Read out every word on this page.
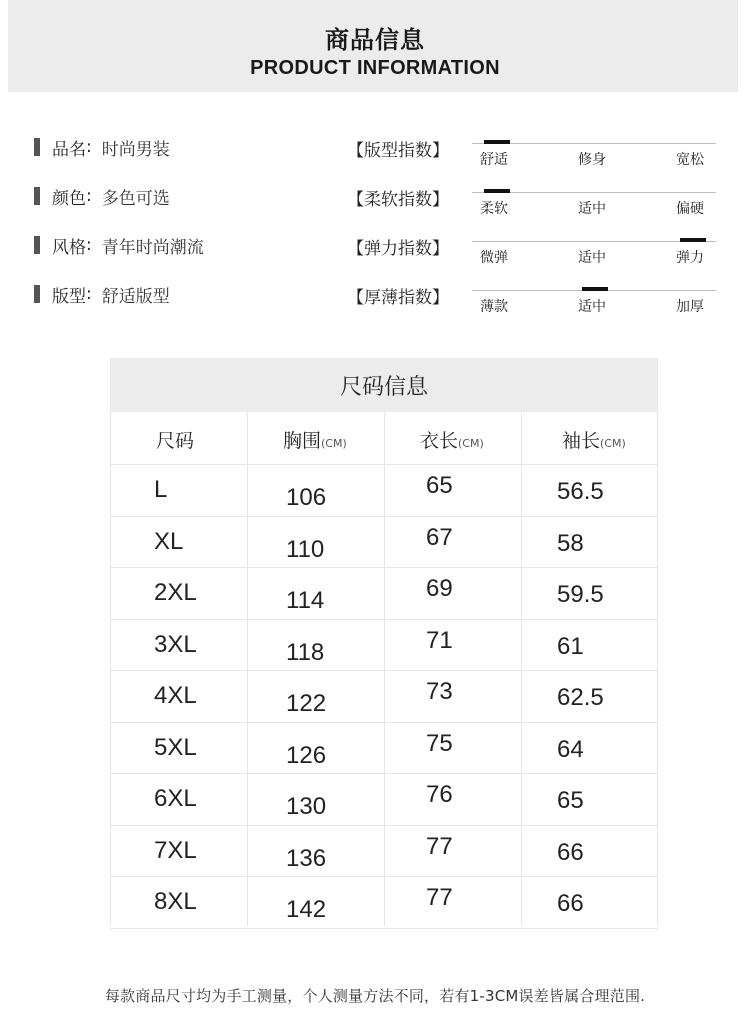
商品信息
PRODUCT INFORMATION
品名 : 时尚男装
颜色 : 多色可选
风格 : 青年时尚潮流
版型 : 舒适版型
【版型指数】
【柔软指数】
【弹力指数】
【厚薄指数】
舒适	修身	宽松
柔软	适中	偏硬
微弹	适中	弹力
薄款	适中	加厚
尺码信息
尺码	胸围(CM)	衣长(CM)	袖长(CM)
L	106	65	56.5
XL	110	67	58
2XL	114	69	59.5
3XL	118	71	61
4XL	122	73	62.5
5XL	126	75	64
6XL	130	76	65
7XL	136	77	66
8XL	142	77	66
每款商品尺寸均为手工测量，个人测量方法不同，若有1-3CM误差皆属合理范围.
